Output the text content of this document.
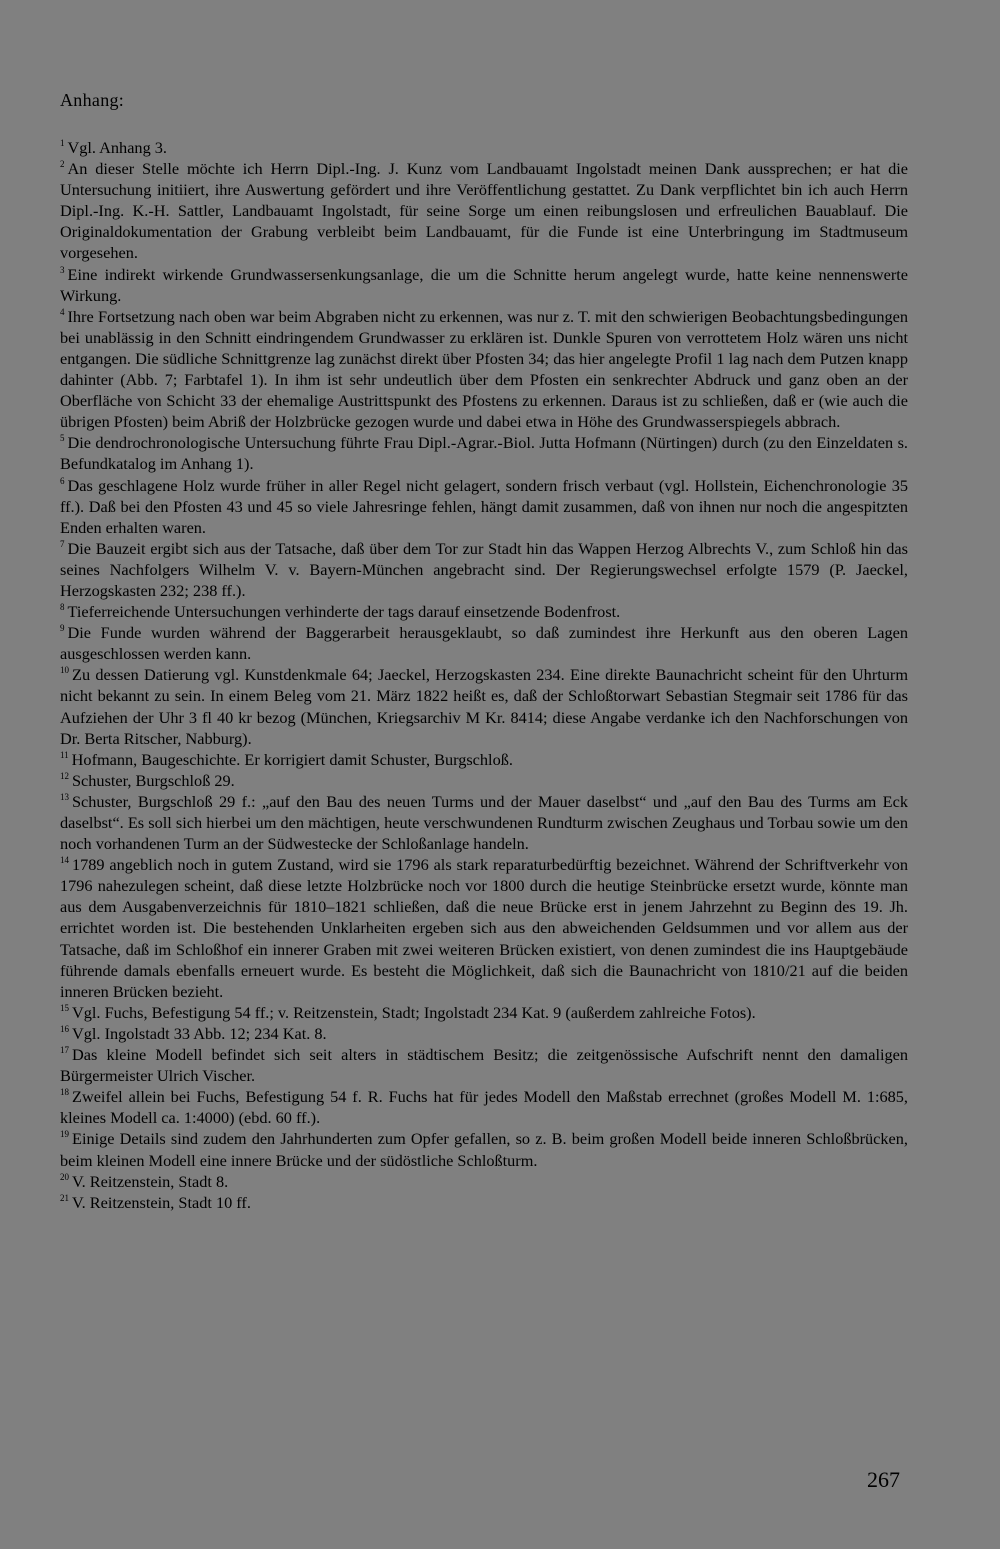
Anhang:

$^1$ Vgl. Anhang 3.

$^2$ An dieser Stelle möchte ich Herrn Dipl.-Ing. J. Kunz vom Landbauamt Ingolstadt meinen Dank aussprechen; er hat die Untersuchung initiiert, ihre Auswertung gefördert und ihre Veröffentlichung gestattet. Zu Dank verpflichtet bin ich auch Herrn Dipl.-Ing. K.-H. Sattler, Landbauamt Ingolstadt, für seine Sorge um einen reibungslosen und erfreulichen Bauablauf. Die Originaldokumentation der Grabung verbleibt beim Landbauamt, für die Funde ist eine Unterbringung im Stadtmuseum vorgesehen.

$^3$ Eine indirekt wirkende Grundwassersenkungsanlage, die um die Schnitte herum angelegt wurde, hatte keine nennenswerte Wirkung.

$^4$ Ihre Fortsetzung nach oben war beim Abgraben nicht zu erkennen, was nur z. T. mit den schwierigen Beobachtungsbedingungen bei unablässig in den Schnitt eindringendem Grundwasser zu erklären ist. Dunkle Spuren von verrottetem Holz wären uns nicht entgangen. Die südliche Schnittgrenze lag zunächst direkt über Pfosten 34; das hier angelegte Profil 1 lag nach dem Putzen knapp dahinter (Abb. 7; Farbtafel 1). In ihm ist sehr undeutlich über dem Pfosten ein senkrechter Abdruck und ganz oben an der Oberfläche von Schicht 33 der ehemalige Austrittspunkt des Pfostens zu erkennen. Daraus ist zu schließen, daß er (wie auch die übrigen Pfosten) beim Abriß der Holzbrücke gezogen wurde und dabei etwa in Höhe des Grundwasserspiegels abbrach.

$^5$ Die dendrochronologische Untersuchung führte Frau Dipl.-Agrar.-Biol. Jutta Hofmann (Nürtingen) durch (zu den Einzeldaten s. Befundkatalog im Anhang 1).

$^6$ Das geschlagene Holz wurde früher in aller Regel nicht gelagert, sondern frisch verbaut (vgl. Hollstein, Eichenchronologie 35 ff.). Daß bei den Pfosten 43 und 45 so viele Jahresringe fehlen, hängt damit zusammen, daß von ihnen nur noch die angespitzten Enden erhalten waren.

$^7$ Die Bauzeit ergibt sich aus der Tatsache, daß über dem Tor zur Stadt hin das Wappen Herzog Albrechts V., zum Schloß hin das seines Nachfolgers Wilhelm V. v. Bayern-München angebracht sind. Der Regierungswechsel erfolgte 1579 (P. Jaeckel, Herzogskasten 232; 238 ff.).

$^8$ Tieferreichende Untersuchungen verhinderte der tags darauf einsetzende Bodenfrost.

$^9$ Die Funde wurden während der Baggerarbeit herausgeklaubt, so daß zumindest ihre Herkunft aus den oberen Lagen ausgeschlossen werden kann.

$^{10}$ Zu dessen Datierung vgl. Kunstdenkmale 64; Jaeckel, Herzogskasten 234. Eine direkte Baunachricht scheint für den Uhrturm nicht bekannt zu sein. In einem Beleg vom 21. März 1822 heißt es, daß der Schloßtorwart Sebastian Stegmair seit 1786 für das Aufziehen der Uhr 3 fl 40 kr bezog (München, Kriegsarchiv M Kr. 8414; diese Angabe verdanke ich den Nachforschungen von Dr. Berta Ritscher, Nabburg).

$^{11}$ Hofmann, Baugeschichte. Er korrigiert damit Schuster, Burgschloß.

$^{12}$ Schuster, Burgschloß 29.

$^{13}$ Schuster, Burgschloß 29 f.: „auf den Bau des neuen Turms und der Mauer daselbst“ und „auf den Bau des Turms am Eck daselbst“. Es soll sich hierbei um den mächtigen, heute verschwundenen Rundturm zwischen Zeughaus und Torbau sowie um den noch vorhandenen Turm an der Südwestecke der Schloßanlage handeln.

$^{14}$ 1789 angeblich noch in gutem Zustand, wird sie 1796 als stark reparaturbedürftig bezeichnet. Während der Schriftverkehr von 1796 nahezulegen scheint, daß diese letzte Holzbrücke noch vor 1800 durch die heutige Steinbrücke ersetzt wurde, könnte man aus dem Ausgabenverzeichnis für 1810–1821 schließen, daß die neue Brücke erst in jenem Jahrzehnt zu Beginn des 19. Jh. errichtet worden ist. Die bestehenden Unklarheiten ergeben sich aus den abweichenden Geldsummen und vor allem aus der Tatsache, daß im Schloßhof ein innerer Graben mit zwei weiteren Brücken existiert, von denen zumindest die ins Hauptgebäude führende damals ebenfalls erneuert wurde. Es besteht die Möglichkeit, daß sich die Baunachricht von 1810/21 auf die beiden inneren Brücken bezieht.

$^{15}$ Vgl. Fuchs, Befestigung 54 ff.; v. Reitzenstein, Stadt; Ingolstadt 234 Kat. 9 (außerdem zahlreiche Fotos).

$^{16}$ Vgl. Ingolstadt 33 Abb. 12; 234 Kat. 8.

$^{17}$ Das kleine Modell befindet sich seit alters in städtischem Besitz; die zeitgenössische Aufschrift nennt den damaligen Bürgermeister Ulrich Vischer.

$^{18}$ Zweifel allein bei Fuchs, Befestigung 54 f. R. Fuchs hat für jedes Modell den Maßstab errechnet (großes Modell M. 1:685, kleines Modell ca. 1:4000) (ebd. 60 ff.).

$^{19}$ Einige Details sind zudem den Jahrhunderten zum Opfer gefallen, so z. B. beim großen Modell beide inneren Schloßbrücken, beim kleinen Modell eine innere Brücke und der südöstliche Schloßturm.

$^{20}$ V. Reitzenstein, Stadt 8.

$^{21}$ V. Reitzenstein, Stadt 10 ff.

267
